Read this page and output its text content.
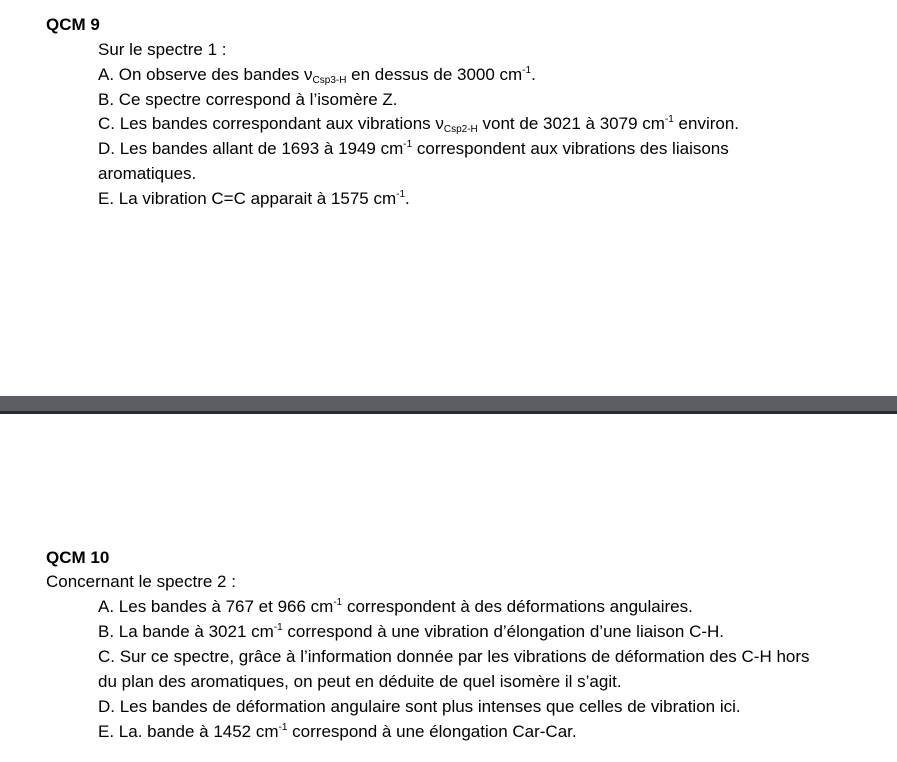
QCM 9
Sur le spectre 1 :
A. On observe des bandes $\nu_{Csp3-H}$ en dessus de 3000 $cm^{-1}$.
B. Ce spectre correspond à l’isomère Z.
C. Les bandes correspondant aux vibrations $\nu_{Csp2-H}$ vont de 3021 à 3079 $cm^{-1}$ environ.
D. Les bandes allant de 1693 à 1949 $cm^{-1}$ correspondent aux vibrations des liaisons
aromatiques.
E. La vibration C=C apparait à 1575 $cm^{-1}$.
QCM 10
Concernant le spectre 2 :
A. Les bandes à 767 et 966 $cm^{-1}$ correspondent à des déformations angulaires.
B. La bande à 3021 $cm^{-1}$ correspond à une vibration d’élongation d’une liaison C-H.
C. Sur ce spectre, grâce à l’information donnée par les vibrations de déformation des C-H hors
du plan des aromatiques, on peut en déduite de quel isomère il s’agit.
D. Les bandes de déformation angulaire sont plus intenses que celles de vibration ici.
E. La. bande à 1452 $cm^{-1}$ correspond à une élongation Car-Car.
